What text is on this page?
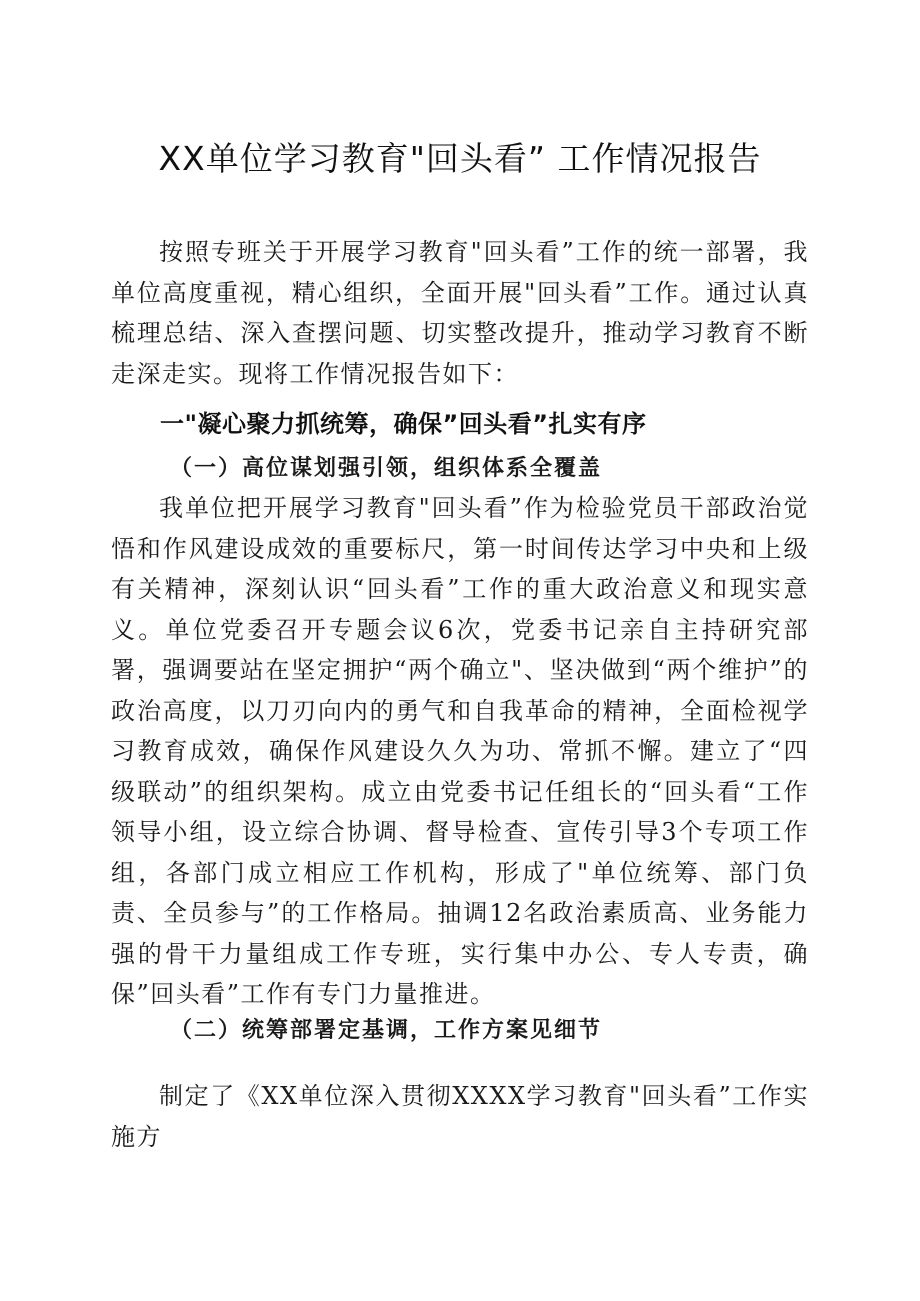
XX单位学习教育"回头看” 工作情况报告

按照专班关于开展学习教育"回头看”工作的统一部署，我单位高度重视，精心组织，全面开展"回头看”工作。通过认真梳理总结、深入查摆问题、切实整改提升，推动学习教育不断走深走实。现将工作情况报告如下：

一"凝心聚力抓统筹，确保”回头看”扎实有序
（一）高位谋划强引领，组织体系全覆盖

我单位把开展学习教育"回头看”作为检验党员干部政治觉悟和作风建设成效的重要标尺，第一时间传达学习中央和上级有关精神，深刻认识“回头看”工作的重大政治意义和现实意义。单位党委召开专题会议6次，党委书记亲自主持研究部署，强调要站在坚定拥护“两个确立"、坚决做到“两个维护”的政治高度，以刀刃向内的勇气和自我革命的精神，全面检视学习教育成效，确保作风建设久久为功、常抓不懈。建立了“四级联动”的组织架构。成立由党委书记任组长的“回头看“工作领导小组，设立综合协调、督导检查、宣传引导3个专项工作组，各部门成立相应工作机构，形成了"单位统筹、部门负责、全员参与”的工作格局。抽调12名政治素质高、业务能力强的骨干力量组成工作专班，实行集中办公、专人专责，确保”回头看”工作有专门力量推进。

（二）统筹部署定基调，工作方案见细节

制定了《XX单位深入贯彻XXXX学习教育"回头看”工作实施方
